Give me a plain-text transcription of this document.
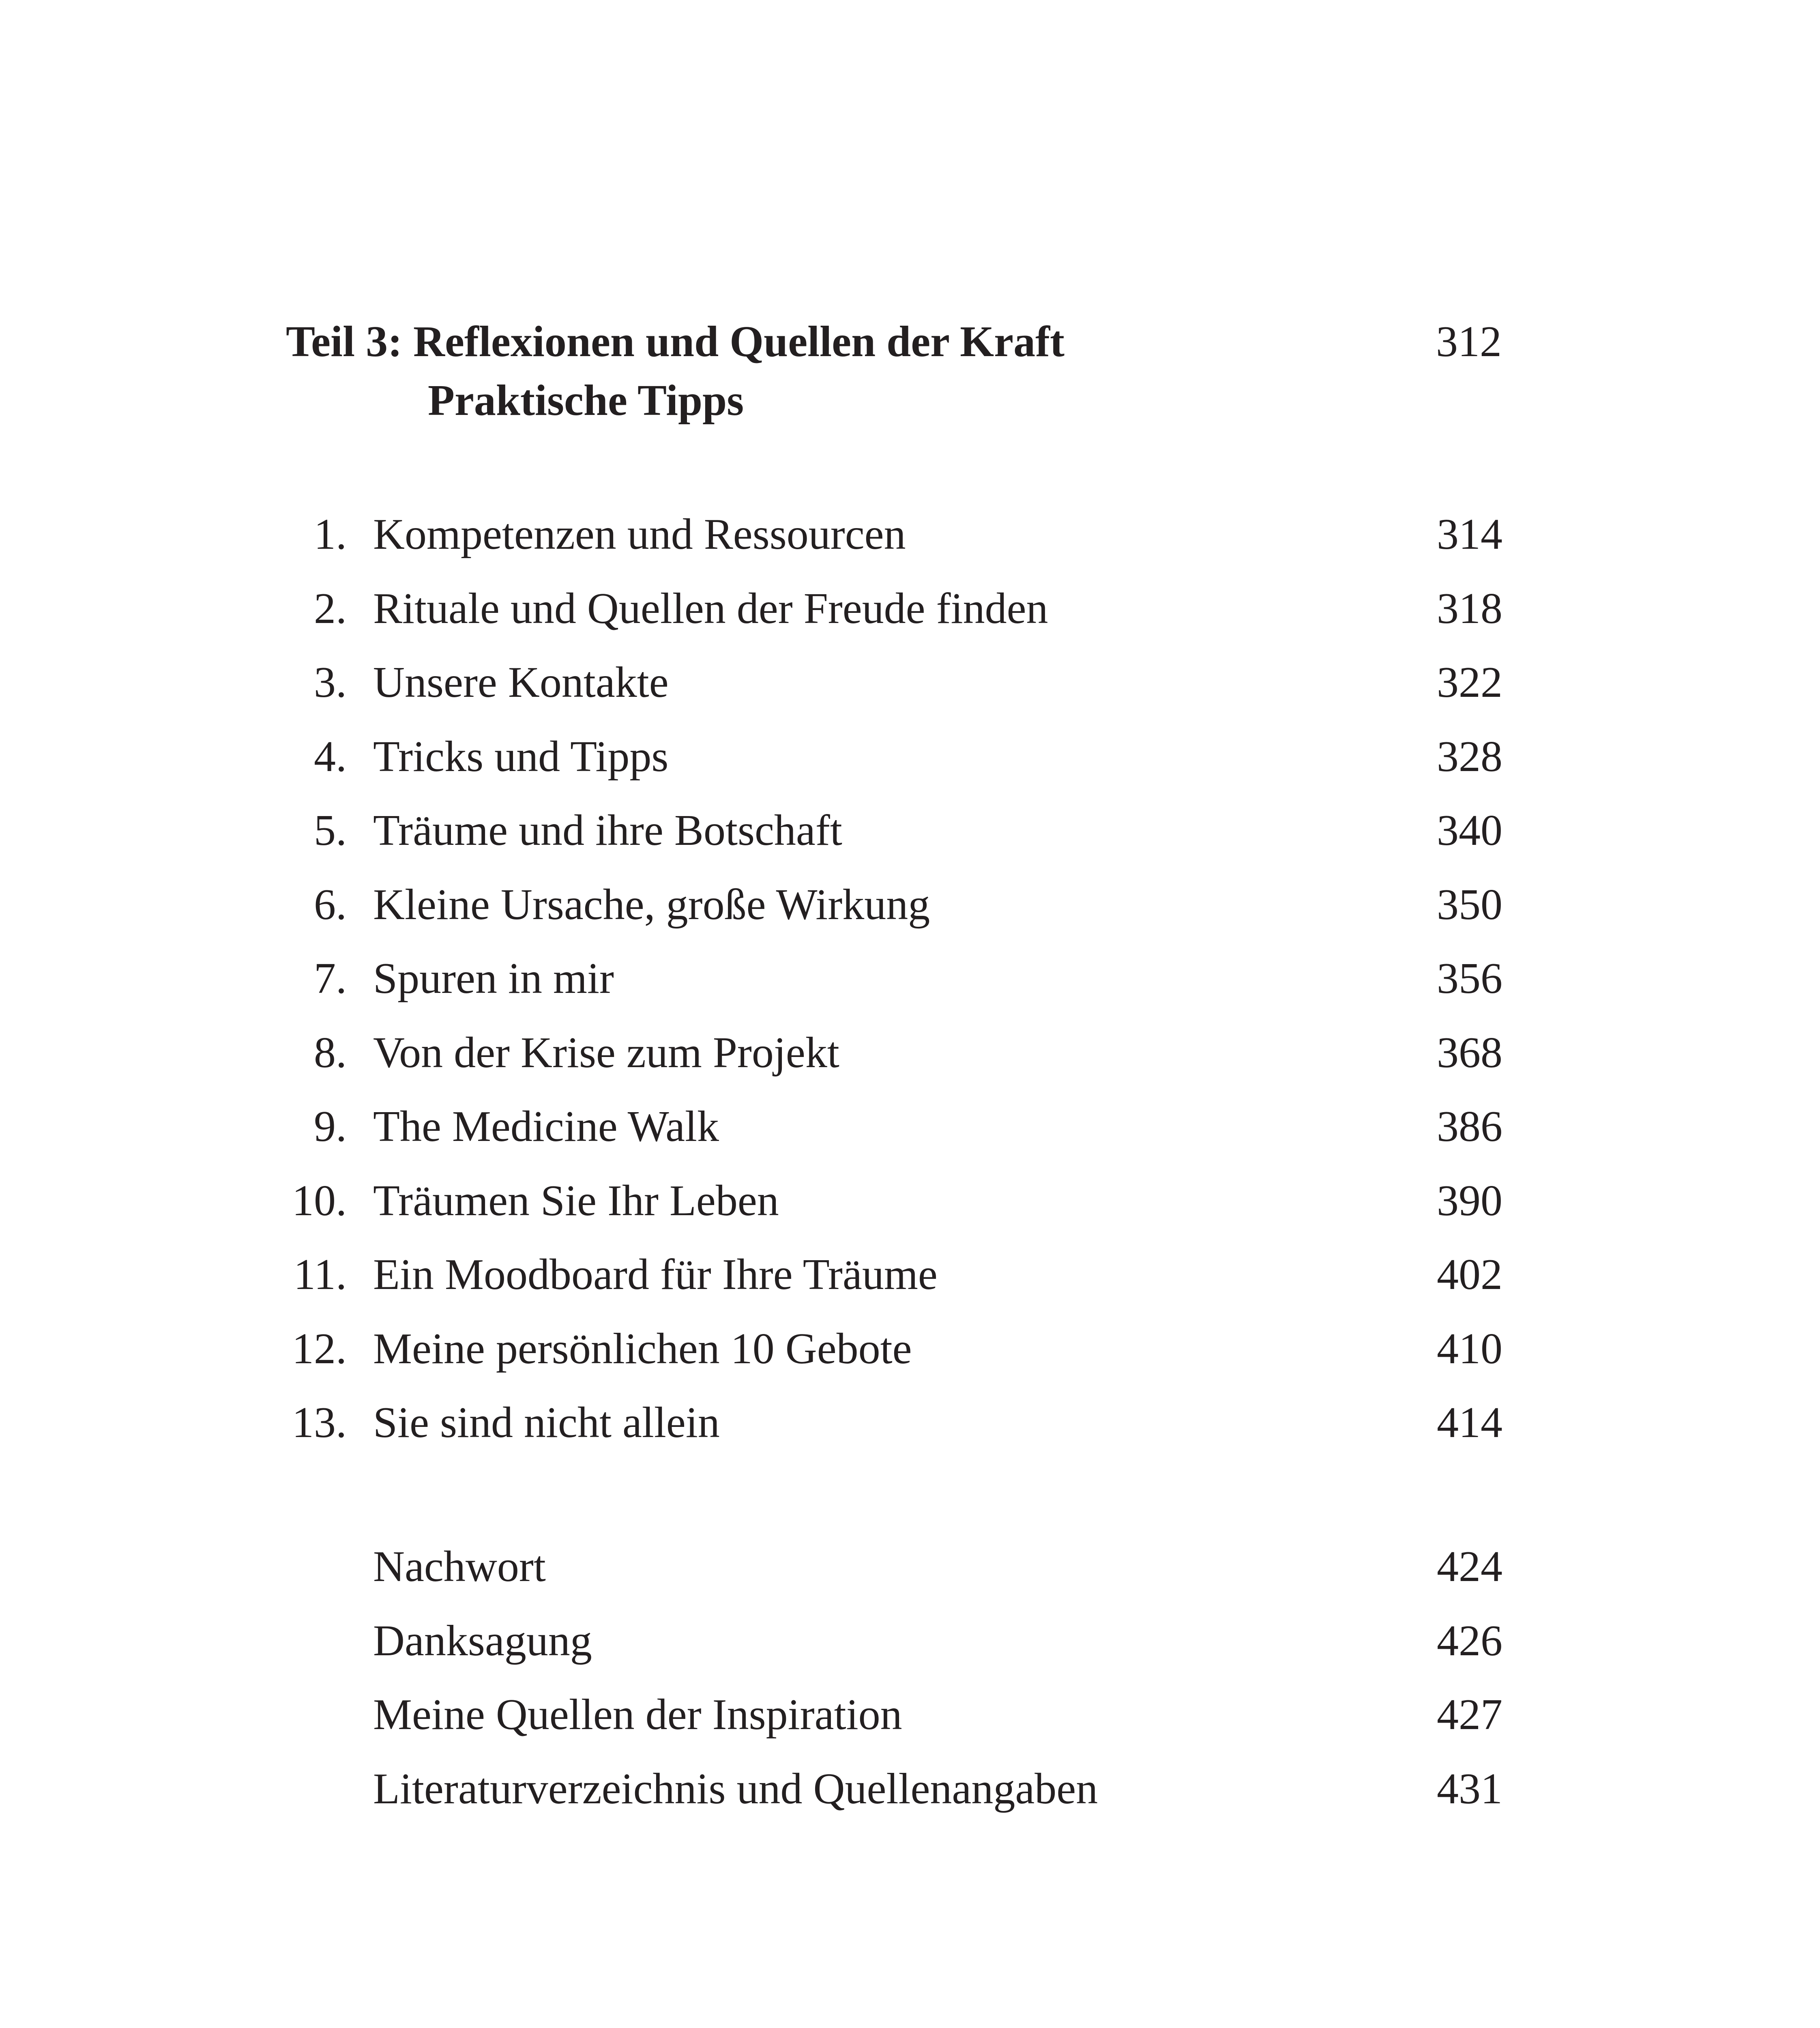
Teil 3: Reflexionen und Quellen der Kraft	312
Praktische Tipps
1. Kompetenzen und Ressourcen	314
2. Rituale und Quellen der Freude finden	318
3. Unsere Kontakte	322
4. Tricks und Tipps	328
5. Träume und ihre Botschaft	340
6. Kleine Ursache, große Wirkung	350
7. Spuren in mir	356
8. Von der Krise zum Projekt	368
9. The Medicine Walk	386
10. Träumen Sie Ihr Leben	390
11. Ein Moodboard für Ihre Träume	402
12. Meine persönlichen 10 Gebote	410
13. Sie sind nicht allein	414
Nachwort	424
Danksagung	426
Meine Quellen der Inspiration	427
Literaturverzeichnis und Quellenangaben	431
